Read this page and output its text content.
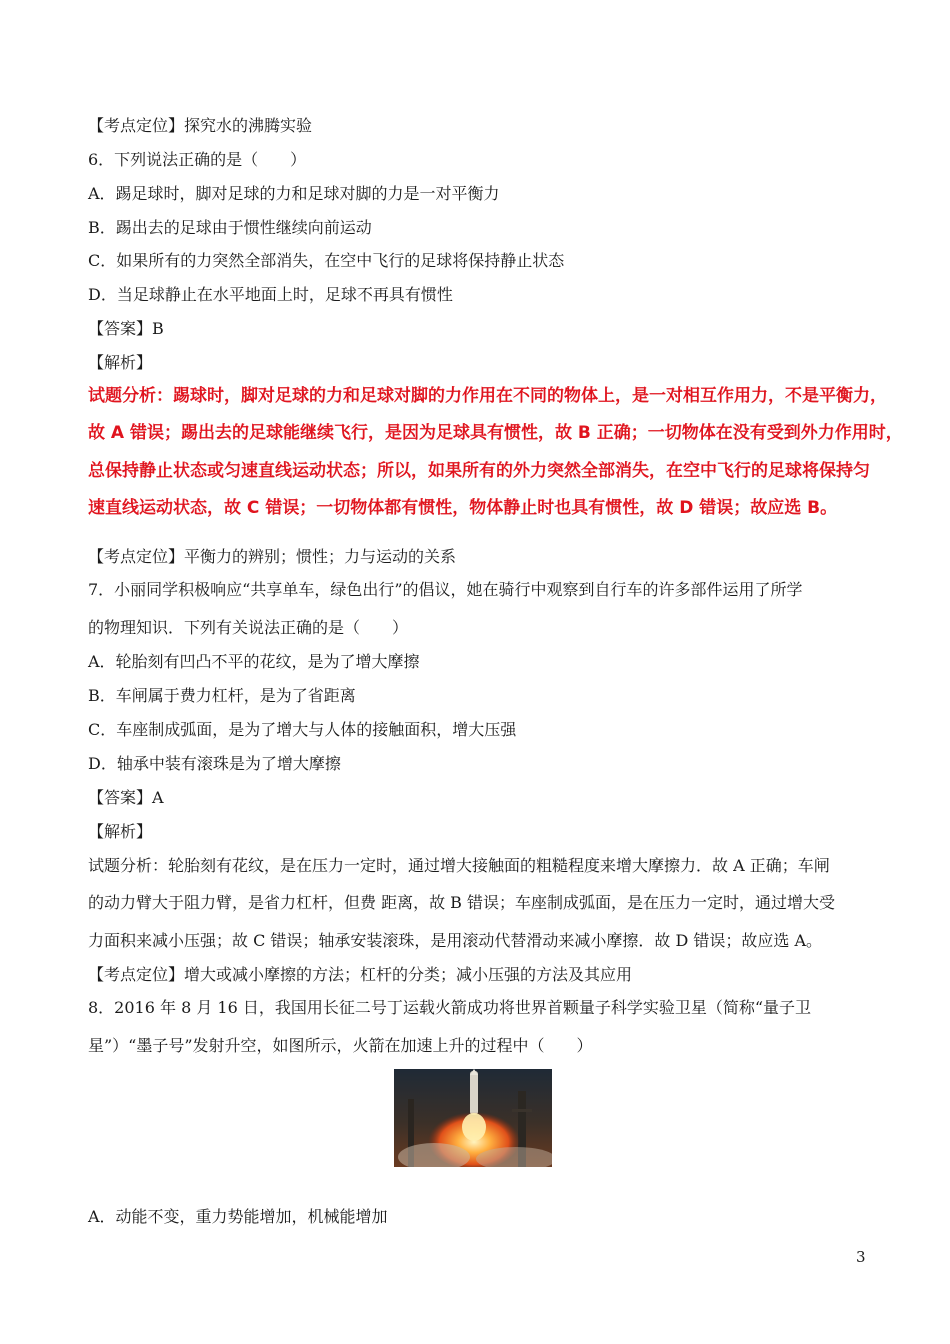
【考点定位】探究水的沸腾实验
6．下列说法正确的是（　　）
A．踢足球时，脚对足球的力和足球对脚的力是一对平衡力
B．踢出去的足球由于惯性继续向前运动
C．如果所有的力突然全部消失，在空中飞行的足球将保持静止状态
D．当足球静止在水平地面上时，足球不再具有惯性
【答案】B
【解析】
试题分析：踢球时，脚对足球的力和足球对脚的力作用在不同的物体上，是一对相互作用力，不是平衡力，
故 A 错误；踢出去的足球能继续飞行，是因为足球具有惯性，故 B 正确；一切物体在没有受到外力作用时，
总保持静止状态或匀速直线运动状态；所以，如果所有的外力突然全部消失，在空中飞行的足球将保持匀
速直线运动状态，故 C 错误；一切物体都有惯性，物体静止时也具有惯性，故 D 错误；故应选 B。
【考点定位】平衡力的辨别；惯性；力与运动的关系
7．小丽同学积极响应“共享单车，绿色出行”的倡议，她在骑行中观察到自行车的许多部件运用了所学
的物理知识．下列有关说法正确的是（　　）
A．轮胎刻有凹凸不平的花纹，是为了增大摩擦
B．车闸属于费力杠杆，是为了省距离
C．车座制成弧面，是为了增大与人体的接触面积，增大压强
D．轴承中装有滚珠是为了增大摩擦
【答案】A
【解析】
试题分析：轮胎刻有花纹，是在压力一定时，通过增大接触面的粗糙程度来增大摩擦力．故 A 正确；车闸
的动力臂大于阻力臂，是省力杠杆，但费 距离，故 B 错误；车座制成弧面，是在压力一定时，通过增大受
力面积来减小压强；故 C 错误；轴承安装滚珠，是用滚动代替滑动来减小摩擦．故 D 错误；故应选 A。
【考点定位】增大或减小摩擦的方法；杠杆的分类；减小压强的方法及其应用
8．2016 年 8 月 16 日，我国用长征二号丁运载火箭成功将世界首颗量子科学实验卫星（简称“量子卫
星”）“墨子号”发射升空，如图所示，火箭在加速上升的过程中（　　）
A．动能不变，重力势能增加，机械能增加
3
